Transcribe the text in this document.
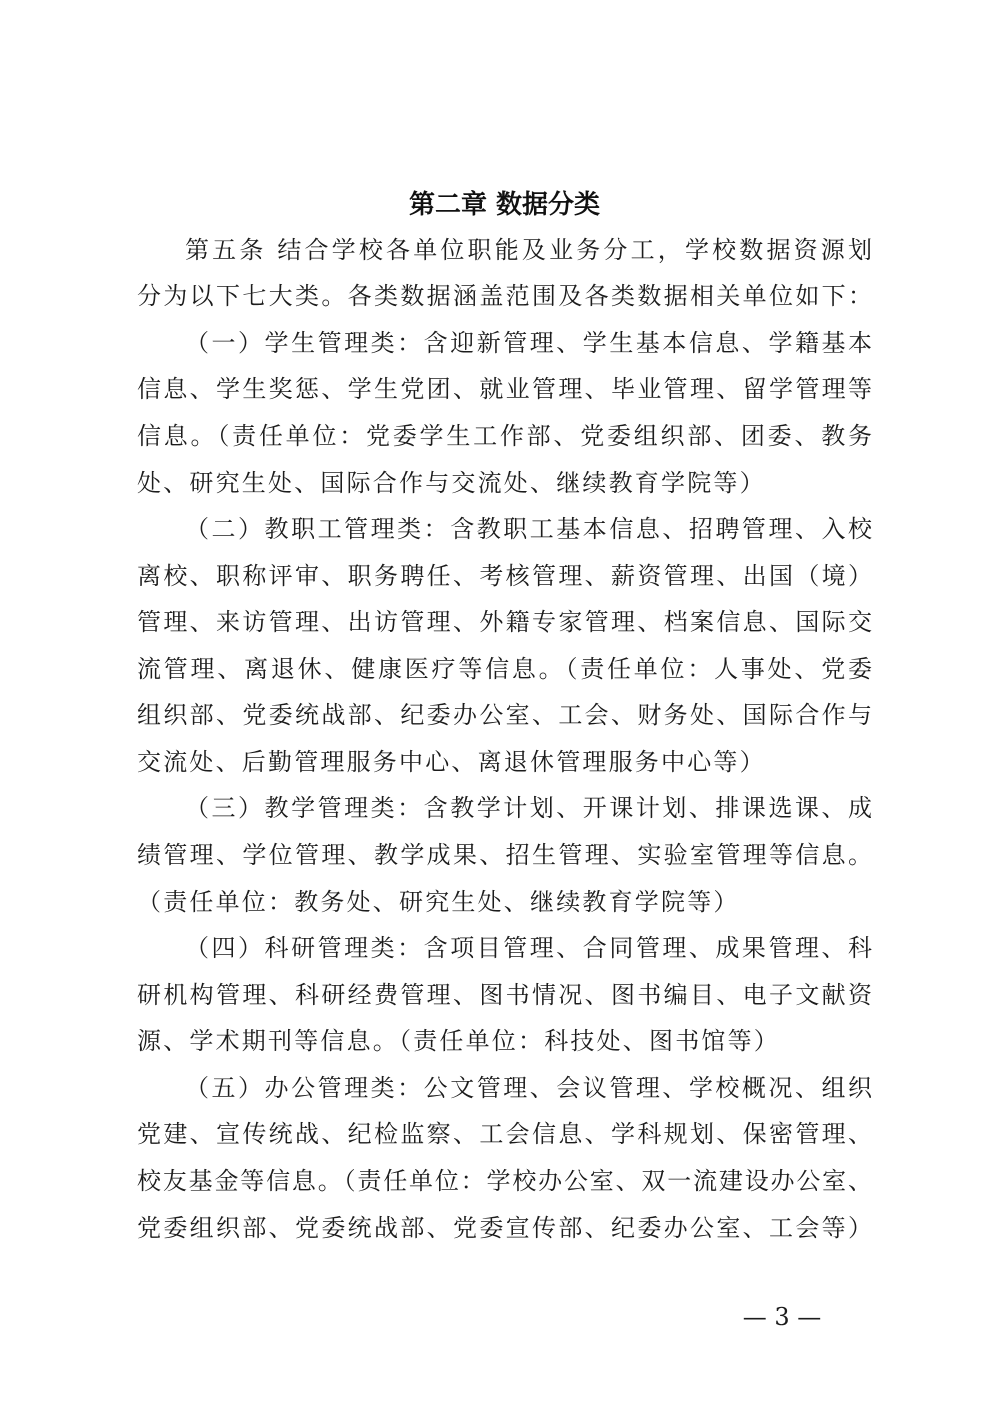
第二章 数据分类
第五条 结合学校各单位职能及业务分工，学校数据资源划
分为以下七大类。各类数据涵盖范围及各类数据相关单位如下：
（一）学生管理类：含迎新管理、学生基本信息、学籍基本
信息、学生奖惩、学生党团、就业管理、毕业管理、留学管理等
信息。（责任单位：党委学生工作部、党委组织部、团委、教务
处、研究生处、国际合作与交流处、继续教育学院等）
（二）教职工管理类：含教职工基本信息、招聘管理、入校
离校、职称评审、职务聘任、考核管理、薪资管理、出国（境）
管理、来访管理、出访管理、外籍专家管理、档案信息、国际交
流管理、离退休、健康医疗等信息。（责任单位：人事处、党委
组织部、党委统战部、纪委办公室、工会、财务处、国际合作与
交流处、后勤管理服务中心、离退休管理服务中心等）
（三）教学管理类：含教学计划、开课计划、排课选课、成
绩管理、学位管理、教学成果、招生管理、实验室管理等信息。
（责任单位：教务处、研究生处、继续教育学院等）
（四）科研管理类：含项目管理、合同管理、成果管理、科
研机构管理、科研经费管理、图书情况、图书编目、电子文献资
源、学术期刊等信息。（责任单位：科技处、图书馆等）
（五）办公管理类：公文管理、会议管理、学校概况、组织
党建、宣传统战、纪检监察、工会信息、学科规划、保密管理、
校友基金等信息。（责任单位：学校办公室、双一流建设办公室、
党委组织部、党委统战部、党委宣传部、纪委办公室、工会等）
— 3 —
